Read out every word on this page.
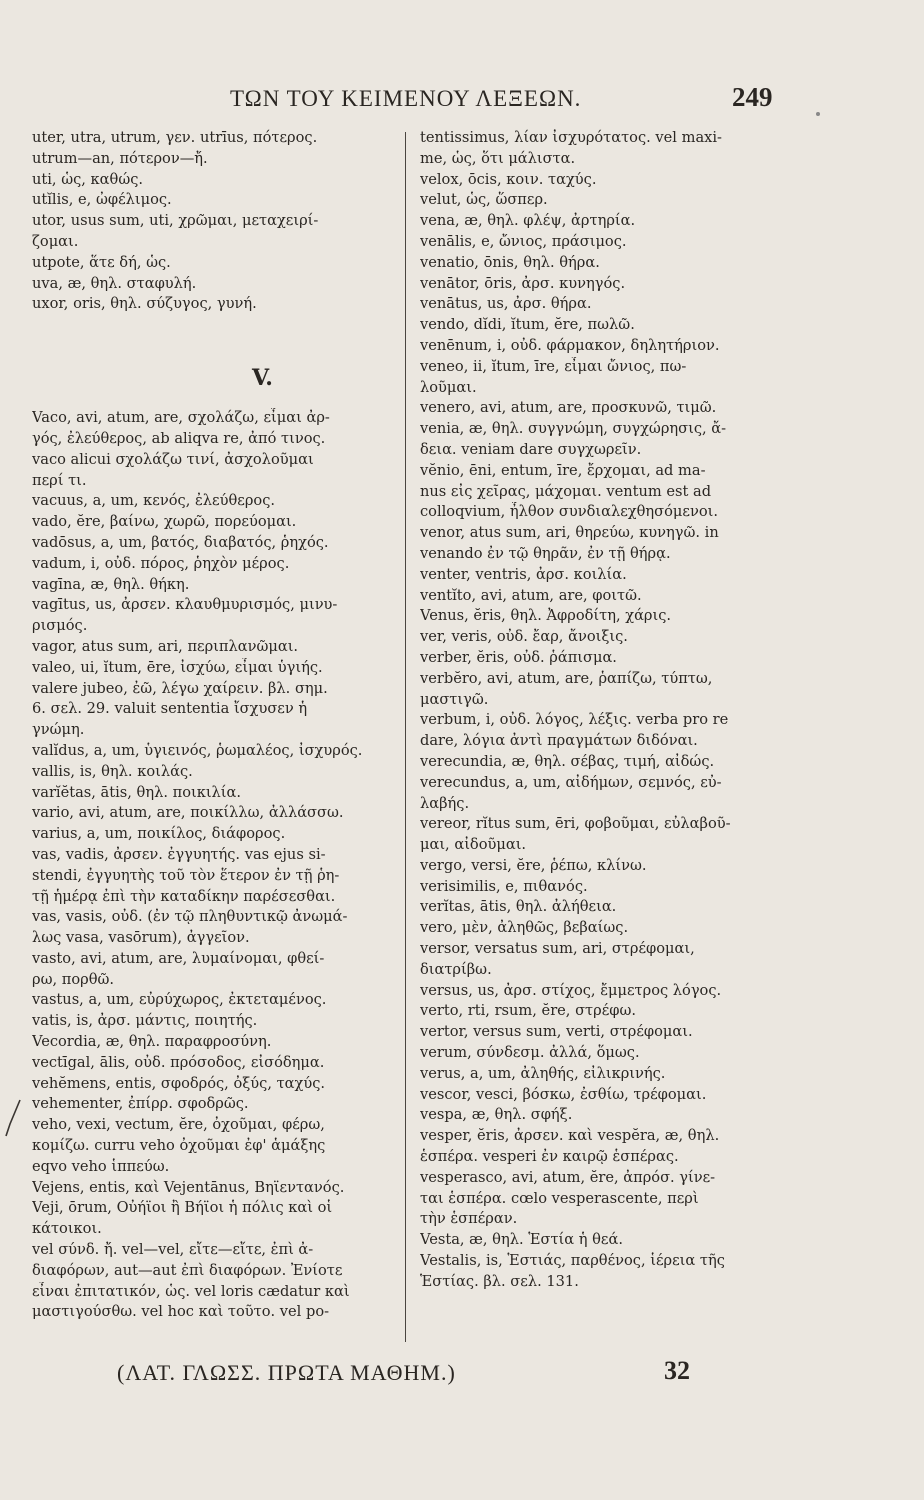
ΤΩΝ ΤΟΥ ΚΕΙΜΕΝΟΥ ΛΕΞΕΩΝ.	249
uter, utra, utrum, γεν. utrīus, πότερος.
utrum—an, πότερον—ἤ.
uti, ὡς, καθώς.
utĭlis, e, ὠφέλιμος.
utor, usus sum, uti, χρῶμαι, μεταχειρί-
ζομαι.
utpote, ἅτε δή, ὡς.
uva, æ, θηλ. σταφυλή.
uxor, oris, θηλ. σύζυγος, γυνή.
V.
Vaco, avi, atum, are, σχολάζω, εἶμαι ἀρ-
γός, ἐλεύθερος, ab aliqva re, ἀπό τινος.
vaco alicui σχολάζω τινί, ἀσχολοῦμαι
περί τι.
vacuus, a, um, κενός, ἐλεύθερος.
vado, ĕre, βαίνω, χωρῶ, πορεύομαι.
vadōsus, a, um, βατός, διαβατός, ῥηχός.
vadum, i, οὐδ. πόρος, ῥηχὸν μέρος.
vagīna, æ, θηλ. θήκη.
vagītus, us, ἀρσεν. κλαυθμυρισμός, μινυ-
ρισμός.
vagor, atus sum, ari, περιπλανῶμαι.
valeo, ui, ĭtum, ēre, ἰσχύω, εἶμαι ὑγιής.
valere jubeo, ἐῶ, λέγω χαίρειν. βλ. σημ.
6. σελ. 29. valuit sententia ἴσχυσεν ἡ
γνώμη.
valĭdus, a, um, ὑγιεινός, ῥωμαλέος, ἰσχυρός.
vallis, is, θηλ. κοιλάς.
varĭĕtas, ātis, θηλ. ποικιλία.
vario, avi, atum, are, ποικίλλω, ἀλλάσσω.
varius, a, um, ποικίλος, διάφορος.
vas, vadis, ἀρσεν. ἐγγυητής. vas ejus si-
stendi, ἐγγυητὴς τοῦ τὸν ἕτερον ἐν τῇ ῥη-
τῇ ἡμέρᾳ ἐπὶ τὴν καταδίκην παρέσεσθαι.
vas, vasis, οὐδ. (ἐν τῷ πληθυντικῷ ἀνωμά-
λως vasa, vasōrum), ἀγγεῖον.
vasto, avi, atum, are, λυμαίνομαι, φθεί-
ρω, πορθῶ.
vastus, a, um, εὐρύχωρος, ἐκτεταμένος.
vatis, is, ἀρσ. μάντις, ποιητής.
Vecordia, æ, θηλ. παραφροσύνη.
vectīgal, ālis, οὐδ. πρόσοδος, εἰσόδημα.
vehĕmens, entis, σφοδρός, ὀξύς, ταχύς.
vehementer, ἐπίρρ. σφοδρῶς.
veho, vexi, vectum, ĕre, ὀχοῦμαι, φέρω,
κομίζω. curru veho ὀχοῦμαι ἐφ' ἁμάξης
eqvo veho ἱππεύω.
Vejens, entis, καὶ Vejentānus, Βηϊεντανός.
Veji, ōrum, Οὐήϊοι ἢ Βήϊοι ἡ πόλις καὶ οἱ
κάτοικοι.
vel σύνδ. ἤ. vel—vel, εἴτε—εἴτε, ἐπὶ ἀ-
διαφόρων, aut—aut ἐπὶ διαφόρων. Ἐνίοτε
εἶναι ἐπιτατικόν, ὡς. vel loris cædatur καὶ
μαστιγούσθω. vel hoc καὶ τοῦτο. vel po-
tentissimus, λίαν ἰσχυρότατος. vel maxi-
me, ὡς, ὅτι μάλιστα.
velox, ōcis, κοιν. ταχύς.
velut, ὡς, ὥσπερ.
vena, æ, θηλ. φλέψ, ἀρτηρία.
venālis, e, ὤνιος, πράσιμος.
venatio, ōnis, θηλ. θήρα.
venātor, ōris, ἀρσ. κυνηγός.
venātus, us, ἀρσ. θήρα.
vendo, dĭdi, ĭtum, ĕre, πωλῶ.
venēnum, i, οὐδ. φάρμακον, δηλητήριον.
veneo, ii, ĭtum, īre, εἶμαι ὤνιος, πω-
λοῦμαι.
venero, avi, atum, are, προσκυνῶ, τιμῶ.
venia, æ, θηλ. συγγνώμη, συγχώρησις, ἄ-
δεια. veniam dare συγχωρεῖν.
vĕnio, ēni, entum, īre, ἔρχομαι, ad ma-
nus εἰς χεῖρας, μάχομαι. ventum est ad
colloqvium, ἦλθον συνδιαλεχθησόμενοι.
venor, atus sum, ari, θηρεύω, κυνηγῶ. in
venando ἐν τῷ θηρᾶν, ἐν τῇ θήρᾳ.
venter, ventris, ἀρσ. κοιλία.
ventĭto, avi, atum, are, φοιτῶ.
Venus, ĕris, θηλ. Ἀφροδίτη, χάρις.
ver, veris, οὐδ. ἔαρ, ἄνοιξις.
verber, ĕris, οὐδ. ῥάπισμα.
verbĕro, avi, atum, are, ῥαπίζω, τύπτω,
μαστιγῶ.
verbum, i, οὐδ. λόγος, λέξις. verba pro re
dare, λόγια ἀντὶ πραγμάτων διδόναι.
verecundia, æ, θηλ. σέβας, τιμή, αἰδώς.
verecundus, a, um, αἰδήμων, σεμνός, εὐ-
λαβής.
vereor, rĭtus sum, ēri, φοβοῦμαι, εὐλαβοῦ-
μαι, αἰδοῦμαι.
vergo, versi, ĕre, ῥέπω, κλίνω.
verisimilis, e, πιθανός.
verĭtas, ātis, θηλ. ἀλήθεια.
vero, μὲν, ἀληθῶς, βεβαίως.
versor, versatus sum, ari, στρέφομαι,
διατρίβω.
versus, us, ἀρσ. στίχος, ἔμμετρος λόγος.
verto, rti, rsum, ĕre, στρέφω.
vertor, versus sum, verti, στρέφομαι.
verum, σύνδεσμ. ἀλλά, ὅμως.
verus, a, um, ἀληθής, εἰλικρινής.
vescor, vesci, βόσκω, ἐσθίω, τρέφομαι.
vespa, æ, θηλ. σφήξ.
vesper, ĕris, ἀρσεν. καὶ vespĕra, æ, θηλ.
ἑσπέρα. vesperi ἐν καιρῷ ἑσπέρας.
vesperasco, avi, atum, ĕre, ἀπρόσ. γίνε-
ται ἑσπέρα. cœlo vesperascente, περὶ
τὴν ἑσπέραν.
Vesta, æ, θηλ. Ἑστία ἡ θεά.
Vestalis, is, Ἑστιάς, παρθένος, ἱέρεια τῆς
Ἑστίας. βλ. σελ. 131.
(ΛΑΤ. ΓΛΩΣΣ. ΠΡΩΤΑ ΜΑΘΗΜ.)	32
